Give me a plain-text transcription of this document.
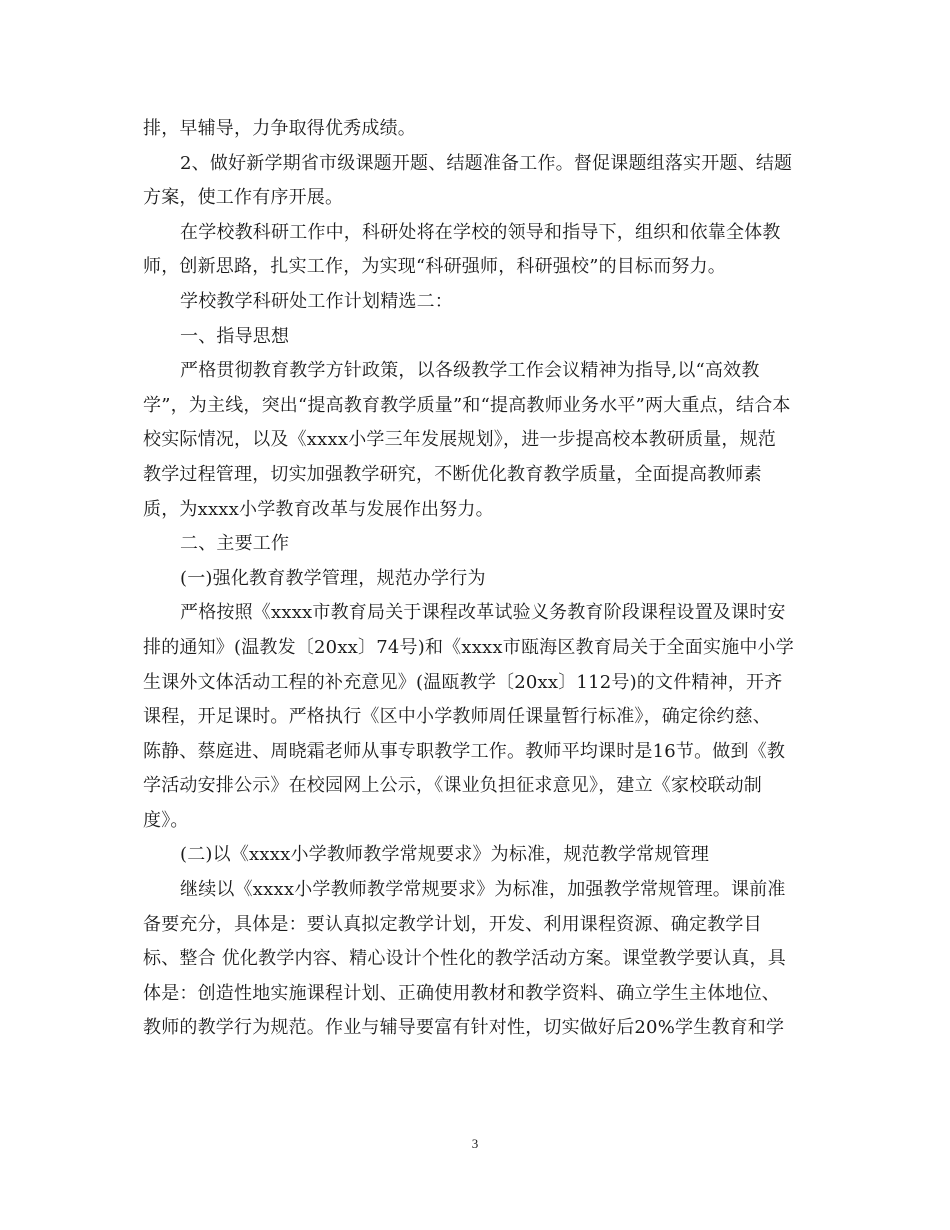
排，早辅导，力争取得优秀成绩。
2、做好新学期省市级课题开题、结题准备工作。督促课题组落实开题、结题
方案，使工作有序开展。
在学校教科研工作中，科研处将在学校的领导和指导下，组织和依靠全体教
师，创新思路，扎实工作，为实现“科研强师，科研强校”的目标而努力。
学校教学科研处工作计划精选二：
一、指导思想
严格贯彻教育教学方针政策，以各级教学工作会议精神为指导,以“高效教
学”，为主线，突出“提高教育教学质量”和“提高教师业务水平”两大重点，结合本
校实际情况，以及《xxxx小学三年发展规划》，进一步提高校本教研质量，规范
教学过程管理，切实加强教学研究，不断优化教育教学质量，全面提高教师素
质，为xxxx小学教育改革与发展作出努力。
二、主要工作
(一)强化教育教学管理，规范办学行为
严格按照《xxxx市教育局关于课程改革试验义务教育阶段课程设置及课时安
排的通知》(温教发〔20xx〕74号)和《xxxx市瓯海区教育局关于全面实施中小学
生课外文体活动工程的补充意见》(温瓯教学〔20xx〕112号)的文件精神，开齐
课程，开足课时。严格执行《区中小学教师周任课量暂行标准》，确定徐约慈、
陈静、蔡庭进、周晓霜老师从事专职教学工作。教师平均课时是16节。做到《教
学活动安排公示》在校园网上公示，《课业负担征求意见》，建立《家校联动制
度》。
(二)以《xxxx小学教师教学常规要求》为标准，规范教学常规管理
继续以《xxxx小学教师教学常规要求》为标准，加强教学常规管理。课前准
备要充分，具体是：要认真拟定教学计划，开发、利用课程资源、确定教学目
标、整合 优化教学内容、精心设计个性化的教学活动方案。课堂教学要认真，具
体是：创造性地实施课程计划、正确使用教材和教学资料、确立学生主体地位、
教师的教学行为规范。作业与辅导要富有针对性，切实做好后20%学生教育和学
3
